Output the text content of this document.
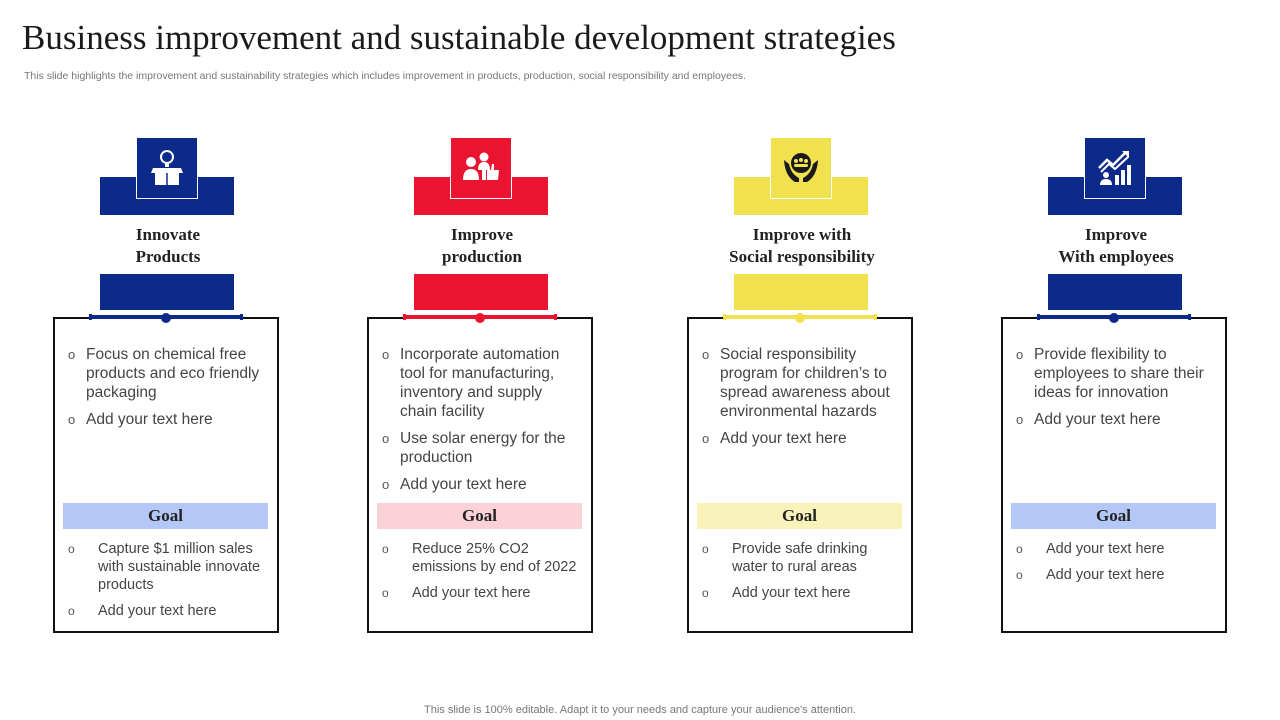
Business improvement and sustainable development strategies
This slide highlights the improvement and sustainability strategies which includes improvement in products, production, social responsibility and employees.
Innovate
Products
o Focus on chemical free products and eco friendly packaging
o Add your text here
Goal
o Capture $1 million sales with sustainable innovate products
o Add your text here
Improve
production
o Incorporate automation tool for manufacturing, inventory and supply chain facility
o Use solar energy for the production
o Add your text here
Goal
o Reduce 25% CO2 emissions by end of 2022
o Add your text here
Improve with
Social responsibility
o Social responsibility program for children’s to spread awareness about environmental hazards
o Add your text here
Goal
o Provide safe drinking water to rural areas
o Add your text here
Improve
With employees
o Provide flexibility to employees to share their ideas for innovation
o Add your text here
Goal
o Add your text here
o Add your text here
This slide is 100% editable. Adapt it to your needs and capture your audience's attention.
